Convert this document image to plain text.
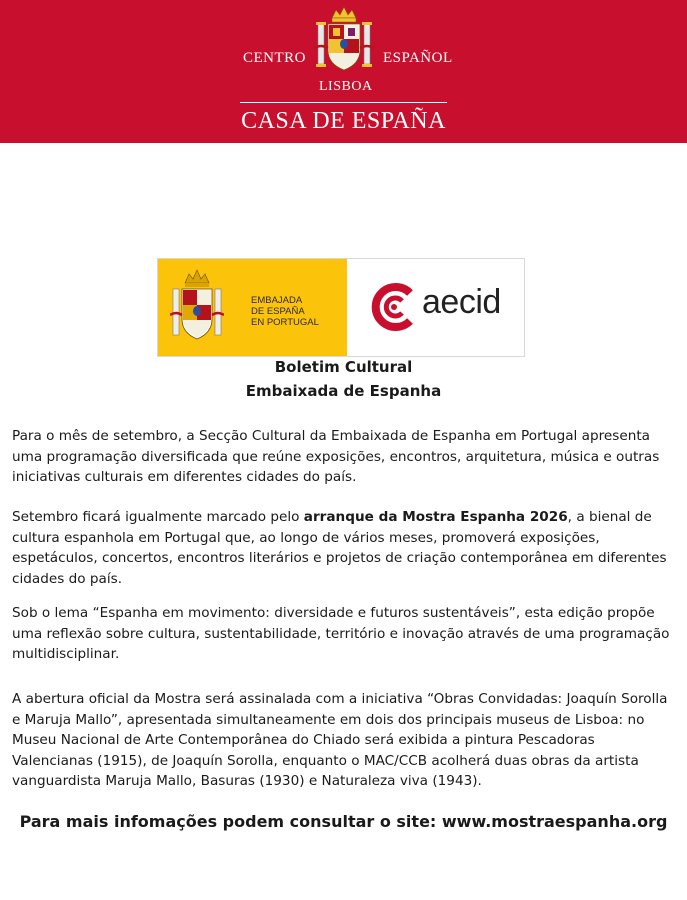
CENTRO	ESPAÑOL
LISBOA
CASA DE ESPAÑA
EMBAJADA
DE ESPAÑA
EN PORTUGAL
aecid
Boletim Cultural
Embaixada de Espanha

Para o mês de setembro, a Secção Cultural da Embaixada de Espanha em Portugal apresenta uma programação diversificada que reúne exposições, encontros, arquitetura, música e outras iniciativas culturais em diferentes cidades do país.

Setembro ficará igualmente marcado pelo arranque da Mostra Espanha 2026, a bienal de cultura espanhola em Portugal que, ao longo de vários meses, promoverá exposições, espetáculos, concertos, encontros literários e projetos de criação contemporânea em diferentes cidades do país.

Sob o lema “Espanha em movimento: diversidade e futuros sustentáveis”, esta edição propõe uma reflexão sobre cultura, sustentabilidade, território e inovação através de uma programação multidisciplinar.

A abertura oficial da Mostra será assinalada com a iniciativa “Obras Convidadas: Joaquín Sorolla e Maruja Mallo”, apresentada simultaneamente em dois dos principais museus de Lisboa: no Museu Nacional de Arte Contemporânea do Chiado será exibida a pintura Pescadoras Valencianas (1915), de Joaquín Sorolla, enquanto o MAC/CCB acolherá duas obras da artista vanguardista Maruja Mallo, Basuras (1930) e Naturaleza viva (1943).

Para mais infomações podem consultar o site: www.mostraespanha.org
